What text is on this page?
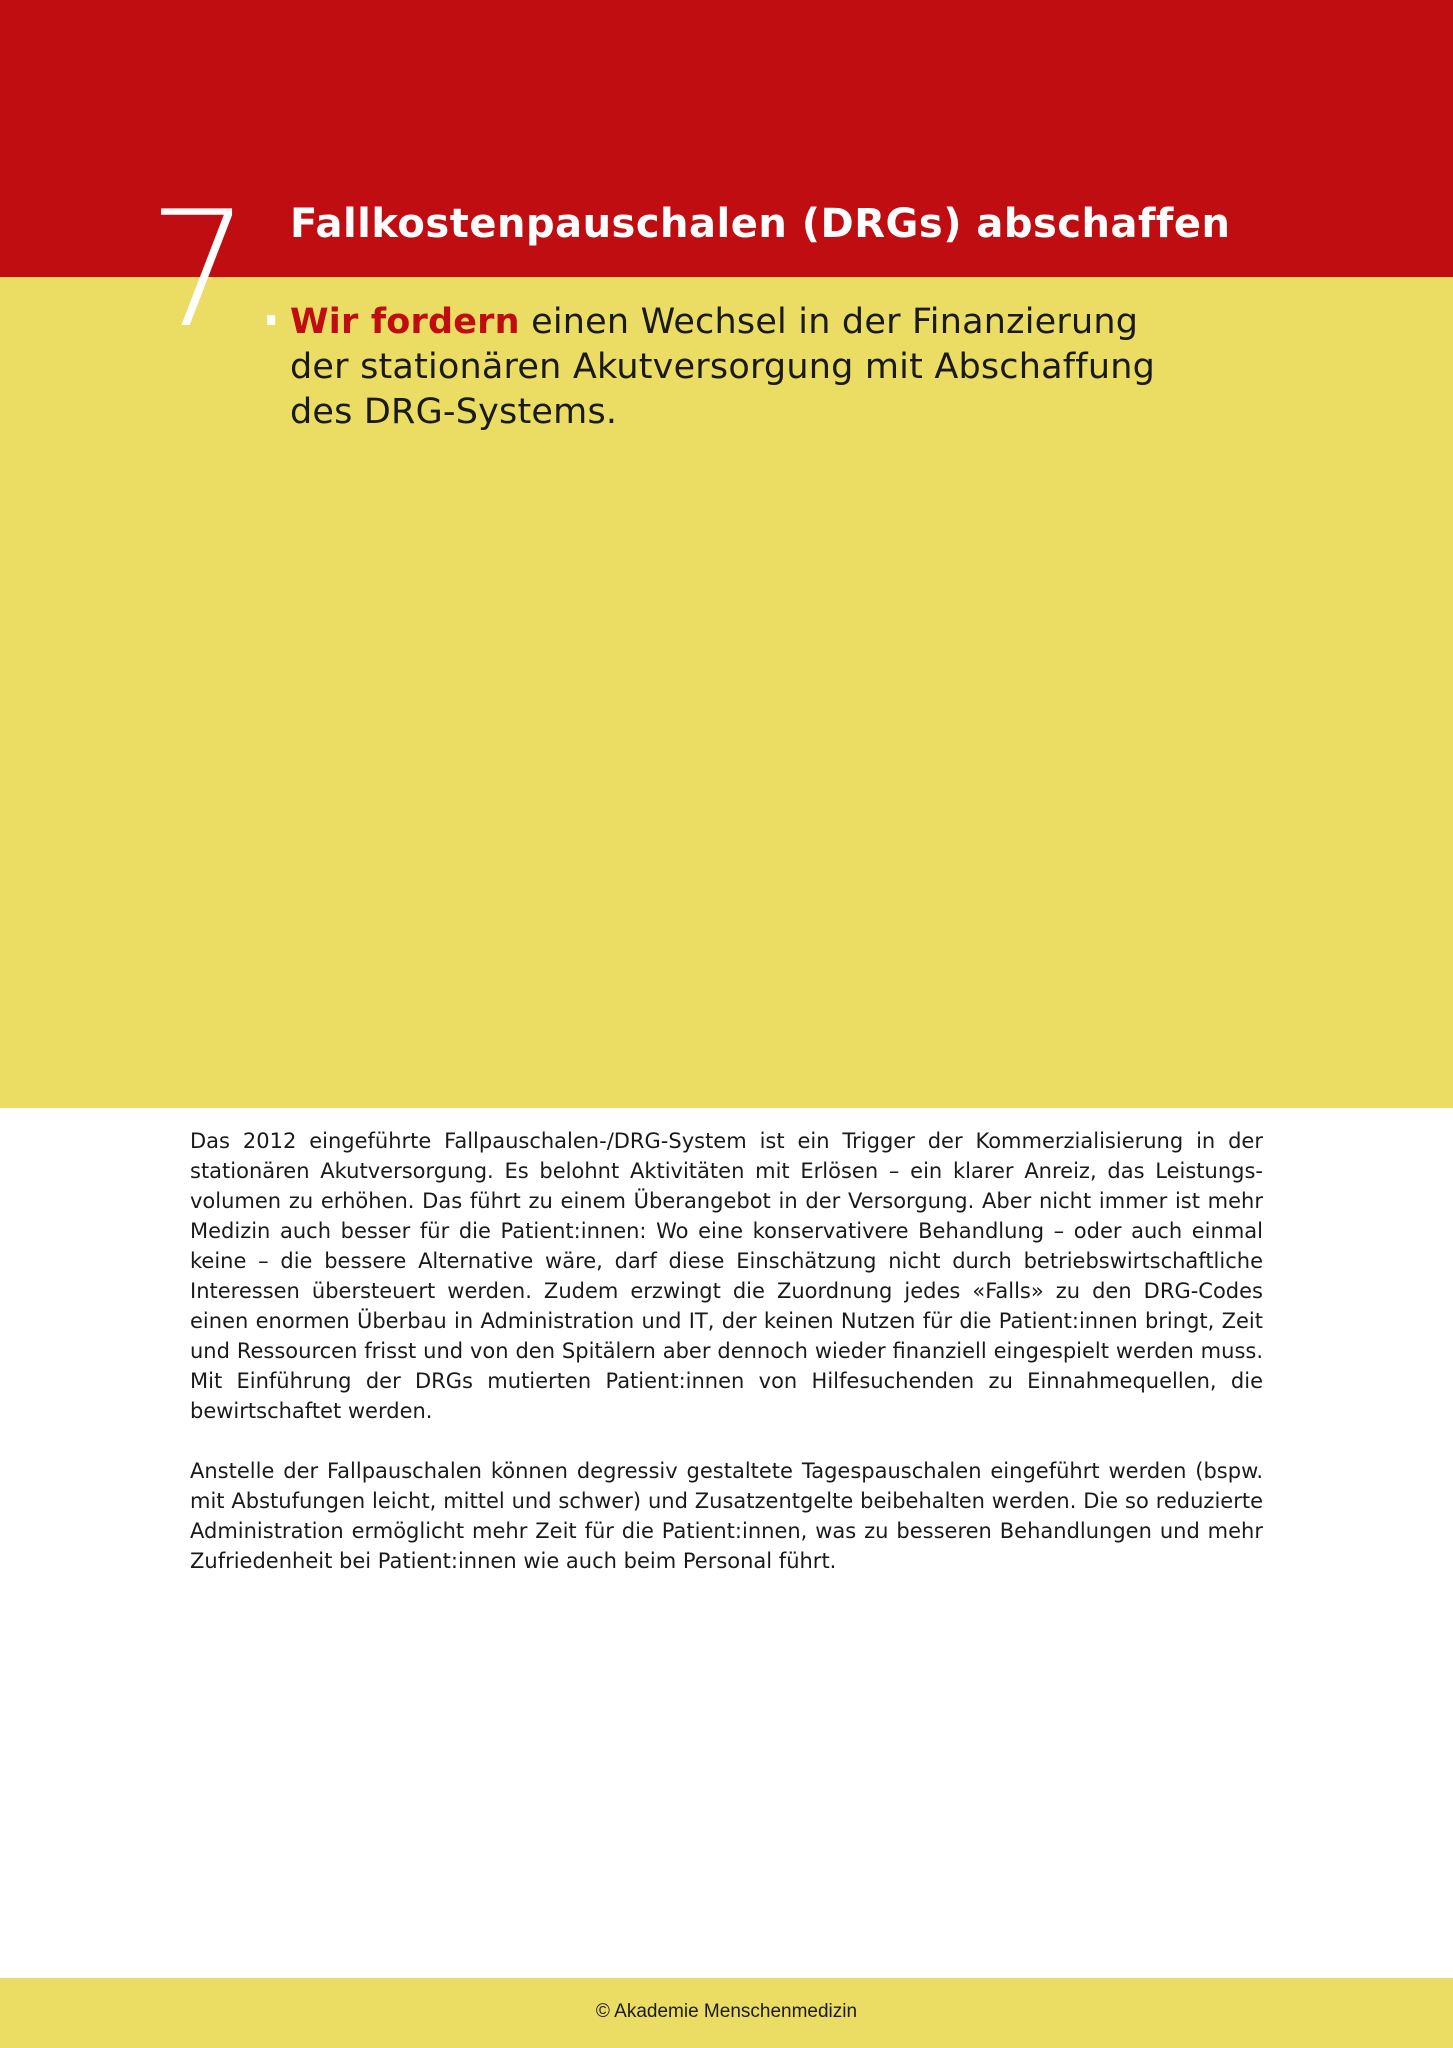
7.
Fallkostenpauschalen (DRGs) abschaffen

Wir fordern einen Wechsel in der Finanzierung der stationären Akutversorgung mit Abschaffung des DRG-Systems.

Das 2012 eingeführte Fallpauschalen-/DRG-System ist ein Trigger der Kommerzialisierung in der stationären Akutversorgung. Es belohnt Aktivitäten mit Erlösen – ein klarer Anreiz, das Leistungsvolumen zu erhöhen. Das führt zu einem Überangebot in der Versorgung. Aber nicht immer ist mehr Medizin auch besser für die Patient:innen: Wo eine konservativere Behandlung – oder auch einmal keine – die bessere Alternative wäre, darf diese Einschätzung nicht durch betriebswirtschaftliche Interessen übersteuert werden. Zudem erzwingt die Zuordnung jedes «Falls» zu den DRG-Codes einen enormen Überbau in Administration und IT, der keinen Nutzen für die Patient:innen bringt, Zeit und Ressourcen frisst und von den Spitälern aber dennoch wieder finanziell eingespielt werden muss. Mit Einführung der DRGs mutierten Patient:innen von Hilfesuchenden zu Einnahmequellen, die bewirtschaftet werden.

Anstelle der Fallpauschalen können degressiv gestaltete Tagespauschalen eingeführt werden (bspw. mit Abstufungen leicht, mittel und schwer) und Zusatzentgelte beibehalten werden. Die so reduzierte Administration ermöglicht mehr Zeit für die Patient:innen, was zu besseren Behandlungen und mehr Zufriedenheit bei Patient:innen wie auch beim Personal führt.

© Akademie Menschenmedizin
